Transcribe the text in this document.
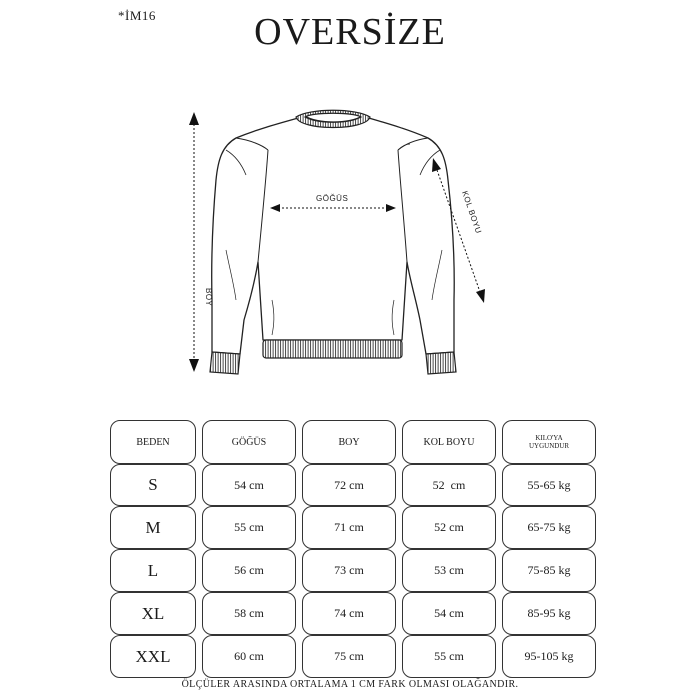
*İM16	OVERSİZE
GÖĞÜS
BOY
KOL BOYU
BEDEN	GÖĞÜS	BOY	KOL BOYU	KILO'YA UYGUNDUR
S	54 cm	72 cm	52  cm	55-65 kg
M	55 cm	71 cm	52 cm	65-75 kg
L	56 cm	73 cm	53 cm	75-85 kg
XL	58 cm	74 cm	54 cm	85-95 kg
XXL	60 cm	75 cm	55 cm	95-105 kg
ÖLÇÜLER ARASINDA ORTALAMA 1 CM FARK OLMASI OLAĞANDIR.
